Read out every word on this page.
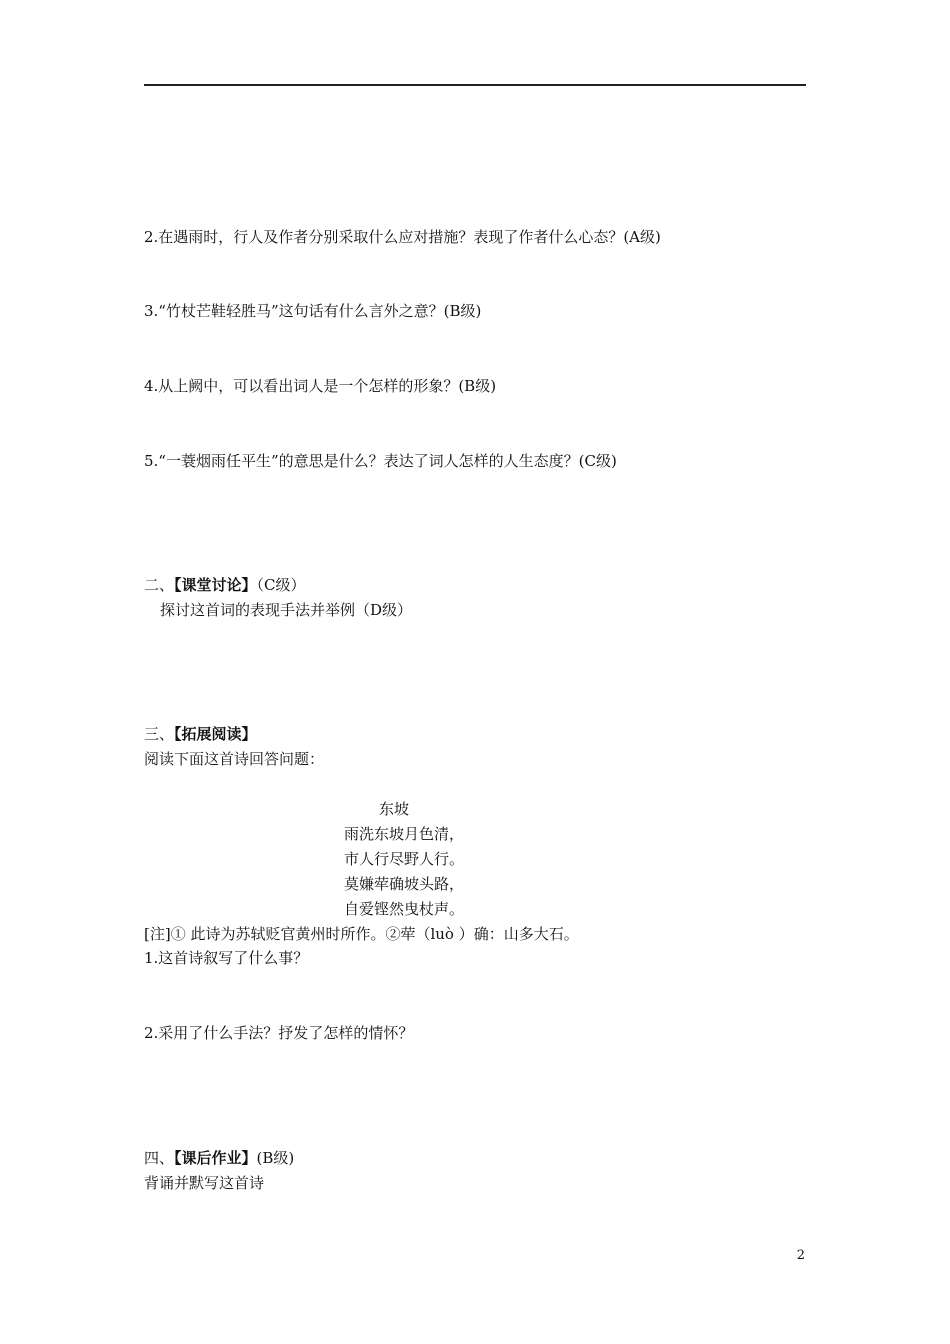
2.在遇雨时，行人及作者分别采取什么应对措施？表现了作者什么心态？(A级)
3.“竹杖芒鞋轻胜马”这句话有什么言外之意？(B级)
4.从上阙中，可以看出词人是一个怎样的形象？(B级)
5.“一蓑烟雨任平生”的意思是什么？表达了词人怎样的人生态度？(C级)
二、【课堂讨论】（C级）
探讨这首词的表现手法并举例（D级）
三、【拓展阅读】
阅读下面这首诗回答问题：
东坡
雨洗东坡月色清，
市人行尽野人行。
莫嫌荦确坡头路，
自爱铿然曳杖声。
[注]① 此诗为苏轼贬官黄州时所作。②荦（luò ）确：山多大石。
1.这首诗叙写了什么事？
2.采用了什么手法？抒发了怎样的情怀？
四、【课后作业】(B级)
背诵并默写这首诗
2
